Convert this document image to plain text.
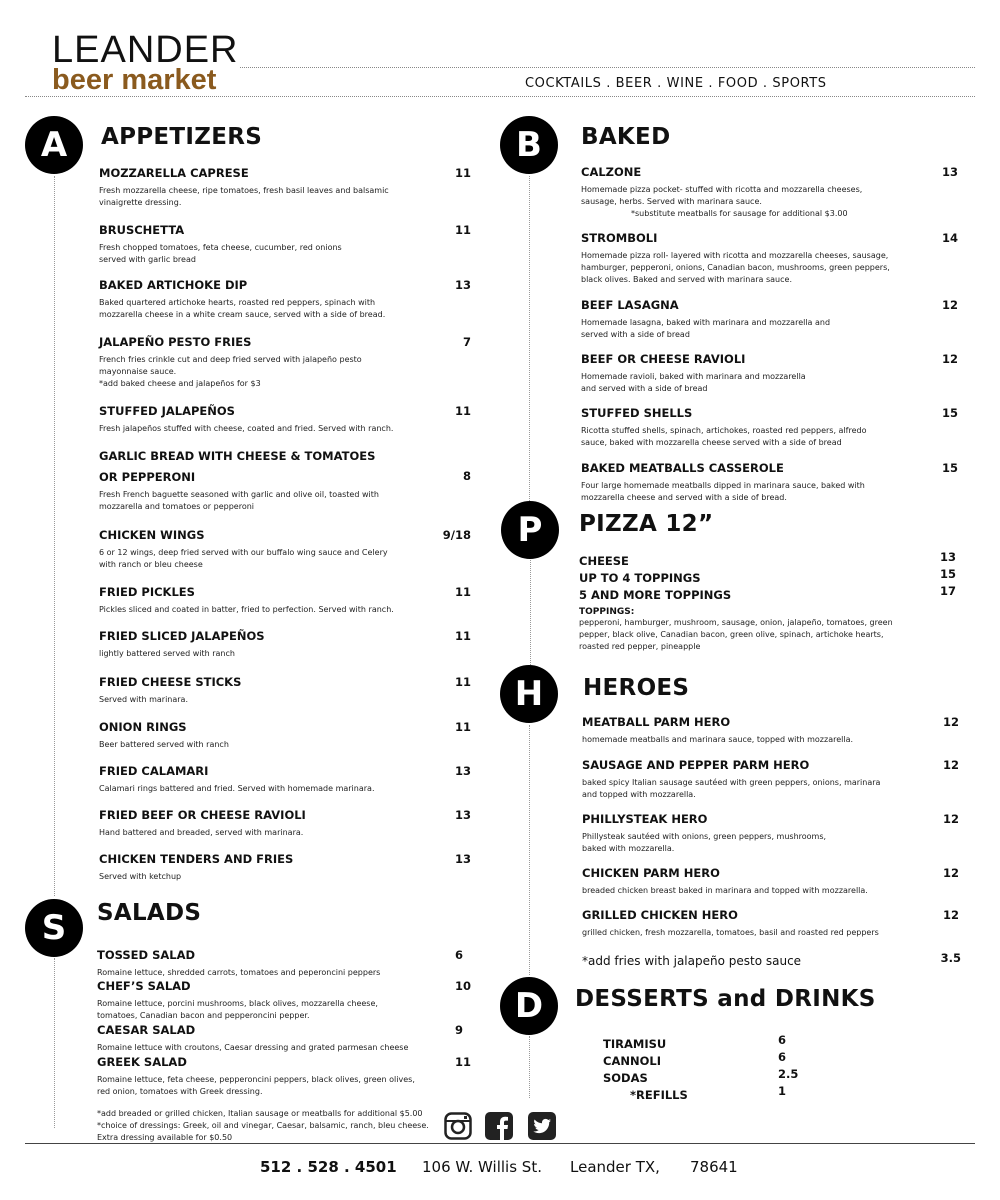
LEANDER
beer market	COCKTAILS . BEER . WINE . FOOD . SPORTS
A	APPETIZERS
MOZZARELLA CAPRESE	11
Fresh mozzarella cheese, ripe tomatoes, fresh basil leaves and balsamic vinaigrette dressing.
BRUSCHETTA	11
Fresh chopped tomatoes, feta cheese, cucumber, red onions served with garlic bread
BAKED ARTICHOKE DIP	13
Baked quartered artichoke hearts, roasted red peppers, spinach with mozzarella cheese in a white cream sauce, served with a side of bread.
JALAPEÑO PESTO FRIES	7
French fries crinkle cut and deep fried served with jalapeño pesto mayonnaise sauce.
*add baked cheese and jalapeños for $3
STUFFED JALAPEÑOS	11
Fresh jalapeños stuffed with cheese, coated and fried. Served with ranch.
GARLIC BREAD WITH CHEESE & TOMATOES
OR PEPPERONI	8
Fresh French baguette seasoned with garlic and olive oil, toasted with mozzarella and tomatoes or pepperoni
CHICKEN WINGS	9/18
6 or 12 wings, deep fried served with our buffalo wing sauce and Celery with ranch or bleu cheese
FRIED PICKLES	11
Pickles sliced and coated in batter, fried to perfection. Served with ranch.
FRIED SLICED JALAPEÑOS	11
lightly battered served with ranch
FRIED CHEESE STICKS	11
Served with marinara.
ONION RINGS	11
Beer battered served with ranch
FRIED CALAMARI	13
Calamari rings battered and fried. Served with homemade marinara.
FRIED BEEF OR CHEESE RAVIOLI	13
Hand battered and breaded, served with marinara.
CHICKEN TENDERS AND FRIES	13
Served with ketchup
S	SALADS
TOSSED SALAD	6
Romaine lettuce, shredded carrots, tomatoes and peperoncini peppers
CHEF’S SALAD	10
Romaine lettuce, porcini mushrooms, black olives, mozzarella cheese, tomatoes, Canadian bacon and pepperoncini pepper.
CAESAR SALAD	9
Romaine lettuce with croutons, Caesar dressing and grated parmesan cheese
GREEK SALAD	11
Romaine lettuce, feta cheese, pepperoncini peppers, black olives, green olives, red onion, tomatoes with Greek dressing.
*add breaded or grilled chicken, Italian sausage or meatballs for additional $5.00
*choice of dressings: Greek, oil and vinegar, Caesar, balsamic, ranch, bleu cheese.
Extra dressing available for $0.50
B	BAKED
CALZONE	13
Homemade pizza pocket- stuffed with ricotta and mozzarella cheeses, sausage, herbs. Served with marinara sauce.
*substitute meatballs for sausage for additional $3.00
STROMBOLI	14
Homemade pizza roll- layered with ricotta and mozzarella cheeses, sausage, hamburger, pepperoni, onions, Canadian bacon, mushrooms, green peppers, black olives. Baked and served with marinara sauce.
BEEF LASAGNA	12
Homemade lasagna, baked with marinara and mozzarella and served with a side of bread
BEEF OR CHEESE RAVIOLI	12
Homemade ravioli, baked with marinara and mozzarella and served with a side of bread
STUFFED SHELLS	15
Ricotta stuffed shells, spinach, artichokes, roasted red peppers, alfredo sauce, baked with mozzarella cheese served with a side of bread
BAKED MEATBALLS CASSEROLE	15
Four large homemade meatballs dipped in marinara sauce, baked with mozzarella cheese and served with a side of bread.
P	PIZZA 12”
CHEESE	13
UP TO 4 TOPPINGS	15
5 AND MORE TOPPINGS	17
TOPPINGS:
pepperoni, hamburger, mushroom, sausage, onion, jalapeño, tomatoes, green pepper, black olive, Canadian bacon, green olive, spinach, artichoke hearts, roasted red pepper, pineapple
H	HEROES
MEATBALL PARM HERO	12
homemade meatballs and marinara sauce, topped with mozzarella.
SAUSAGE AND PEPPER PARM HERO	12
baked spicy Italian sausage sautéed with green peppers, onions, marinara and topped with mozzarella.
PHILLYSTEAK HERO	12
Phillysteak sautéed with onions, green peppers, mushrooms, baked with mozzarella.
CHICKEN PARM HERO	12
breaded chicken breast baked in marinara and topped with mozzarella.
GRILLED CHICKEN HERO	12
grilled chicken, fresh mozzarella, tomatoes, basil and roasted red peppers
*add fries with jalapeño pesto sauce	3.5
D	DESSERTS and DRINKS
TIRAMISU	6
CANNOLI	6
SODAS	2.5
*REFILLS	1
512 . 528 . 4501 106 W. Willis St. Leander TX, 78641
